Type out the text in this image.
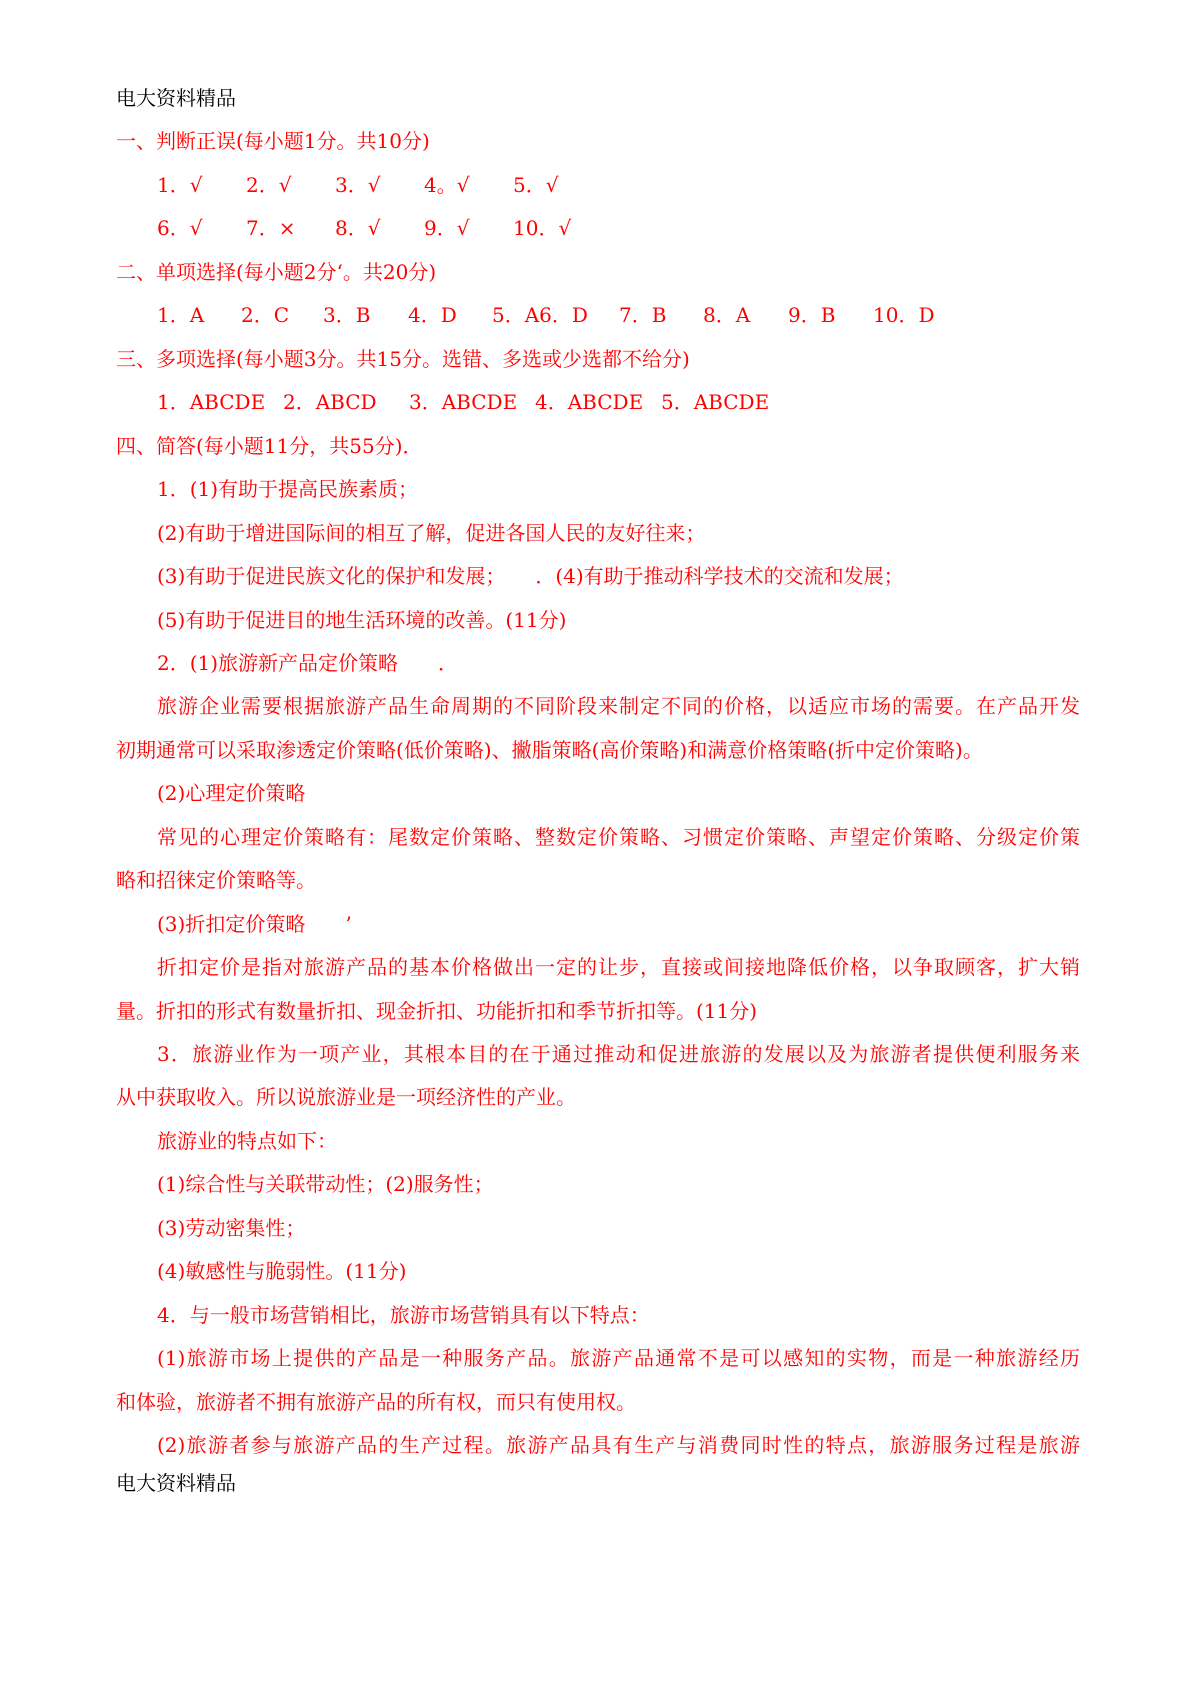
电大资料精品
一、判断正误(每小题1分。共10分)
1．√	2．√	3．√	4。√	5．√
6．√	7．×	8．√	9．√	10．√
二、单项选择(每小题2分‘。共20分)
1．A	2．C	3．B	4．D	5．A6．D	7．B	8．A	9．B	10．D
三、多项选择(每小题3分。共15分。选错、多选或少选都不给分)
1．ABCDE 2．ABCD	3．ABCDE 4．ABCDE 5．ABCDE
四、简答(每小题11分，共55分)．
1．(1)有助于提高民族素质；
(2)有助于增进国际间的相互了解，促进各国人民的友好往来；
(3)有助于促进民族文化的保护和发展；　　．(4)有助于推动科学技术的交流和发展；
(5)有助于促进目的地生活环境的改善。(11分)
2．(1)旅游新产品定价策略　　．
旅游企业需要根据旅游产品生命周期的不同阶段来制定不同的价格，以适应市场的需要。在产品开发
初期通常可以采取渗透定价策略(低价策略)、撇脂策略(高价策略)和满意价格策略(折中定价策略)。
(2)心理定价策略
常见的心理定价策略有：尾数定价策略、整数定价策略、习惯定价策略、声望定价策略、分级定价策
略和招徕定价策略等。
(3)折扣定价策略　　’
折扣定价是指对旅游产品的基本价格做出一定的让步，直接或间接地降低价格，以争取顾客，扩大销
量。折扣的形式有数量折扣、现金折扣、功能折扣和季节折扣等。(11分)
3．旅游业作为一项产业，其根本目的在于通过推动和促进旅游的发展以及为旅游者提供便利服务来
从中获取收入。所以说旅游业是一项经济性的产业。
旅游业的特点如下：
(1)综合性与关联带动性；(2)服务性；
(3)劳动密集性；
(4)敏感性与脆弱性。(11分)
4．与一般市场营销相比，旅游市场营销具有以下特点：
(1)旅游市场上提供的产品是一种服务产品。旅游产品通常不是可以感知的实物，而是一种旅游经历
和体验，旅游者不拥有旅游产品的所有权，而只有使用权。
(2)旅游者参与旅游产品的生产过程。旅游产品具有生产与消费同时性的特点，旅游服务过程是旅游
电大资料精品
